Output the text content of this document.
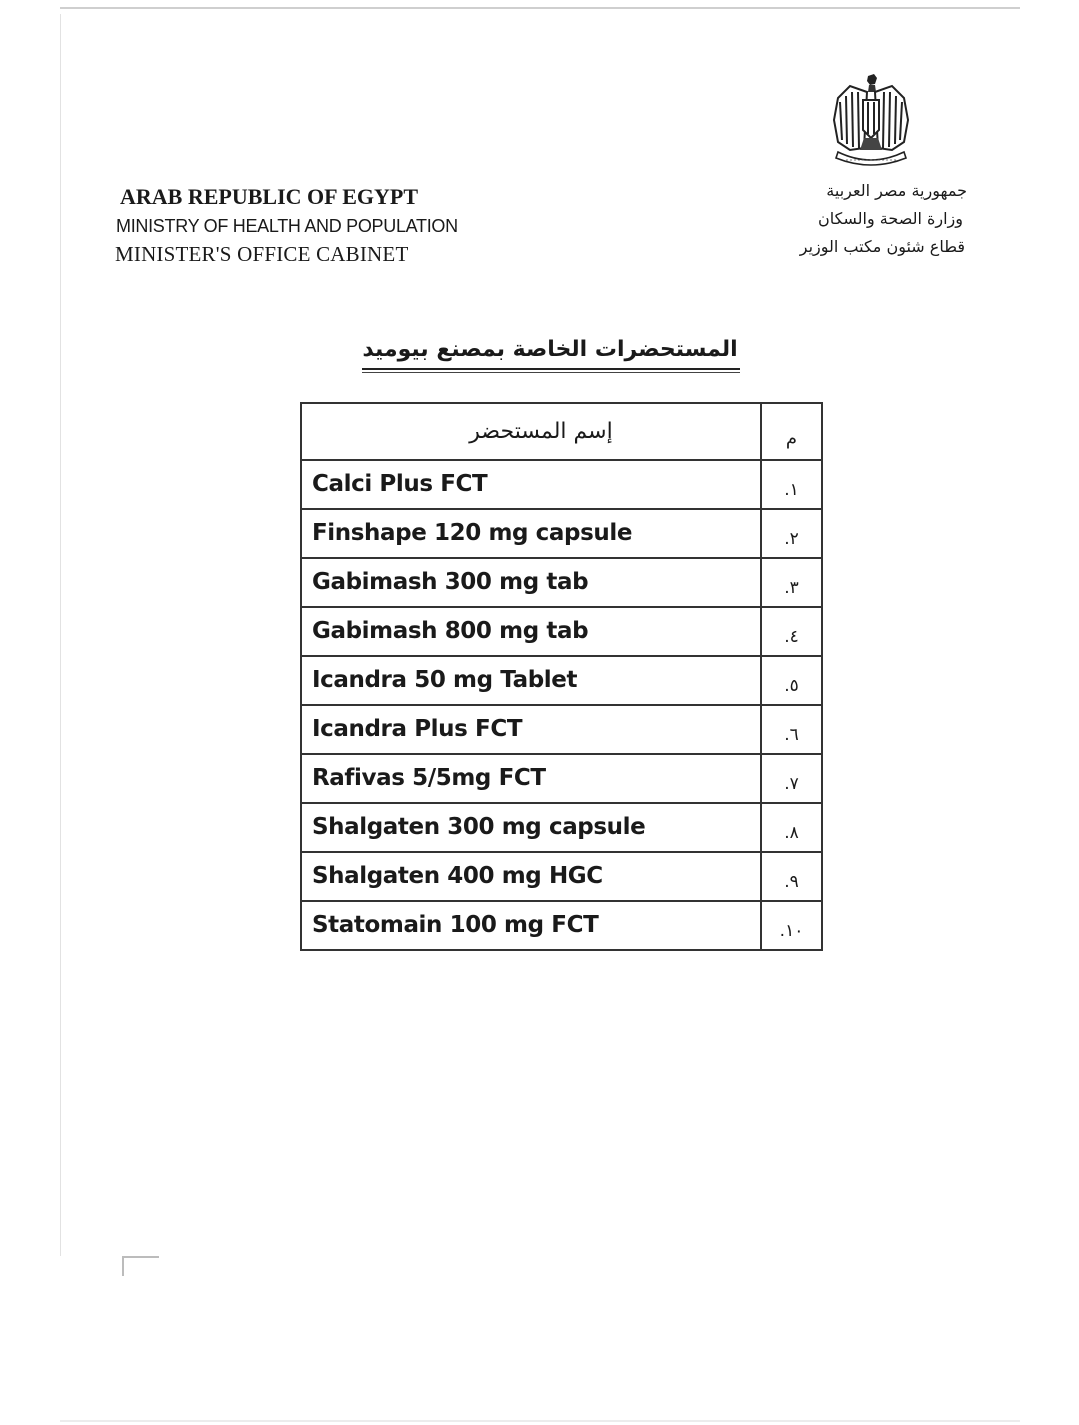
ARAB REPUBLIC OF EGYPT
MINISTRY OF HEALTH AND POPULATION
MINISTER'S OFFICE CABINET
جمهورية مصر العربية
وزارة الصحة والسكان
قطاع شئون مكتب الوزير
المستحضرات الخاصة بمصنع بيوميد
إسم المستحضر	م
Calci Plus FCT	١.
Finshape 120 mg capsule	٢.
Gabimash 300 mg tab	٣.
Gabimash 800 mg tab	٤.
Icandra 50 mg Tablet	٥.
Icandra Plus FCT	٦.
Rafivas 5/5mg FCT	٧.
Shalgaten 300 mg capsule	٨.
Shalgaten 400 mg HGC	٩.
Statomain 100 mg FCT	١٠.
